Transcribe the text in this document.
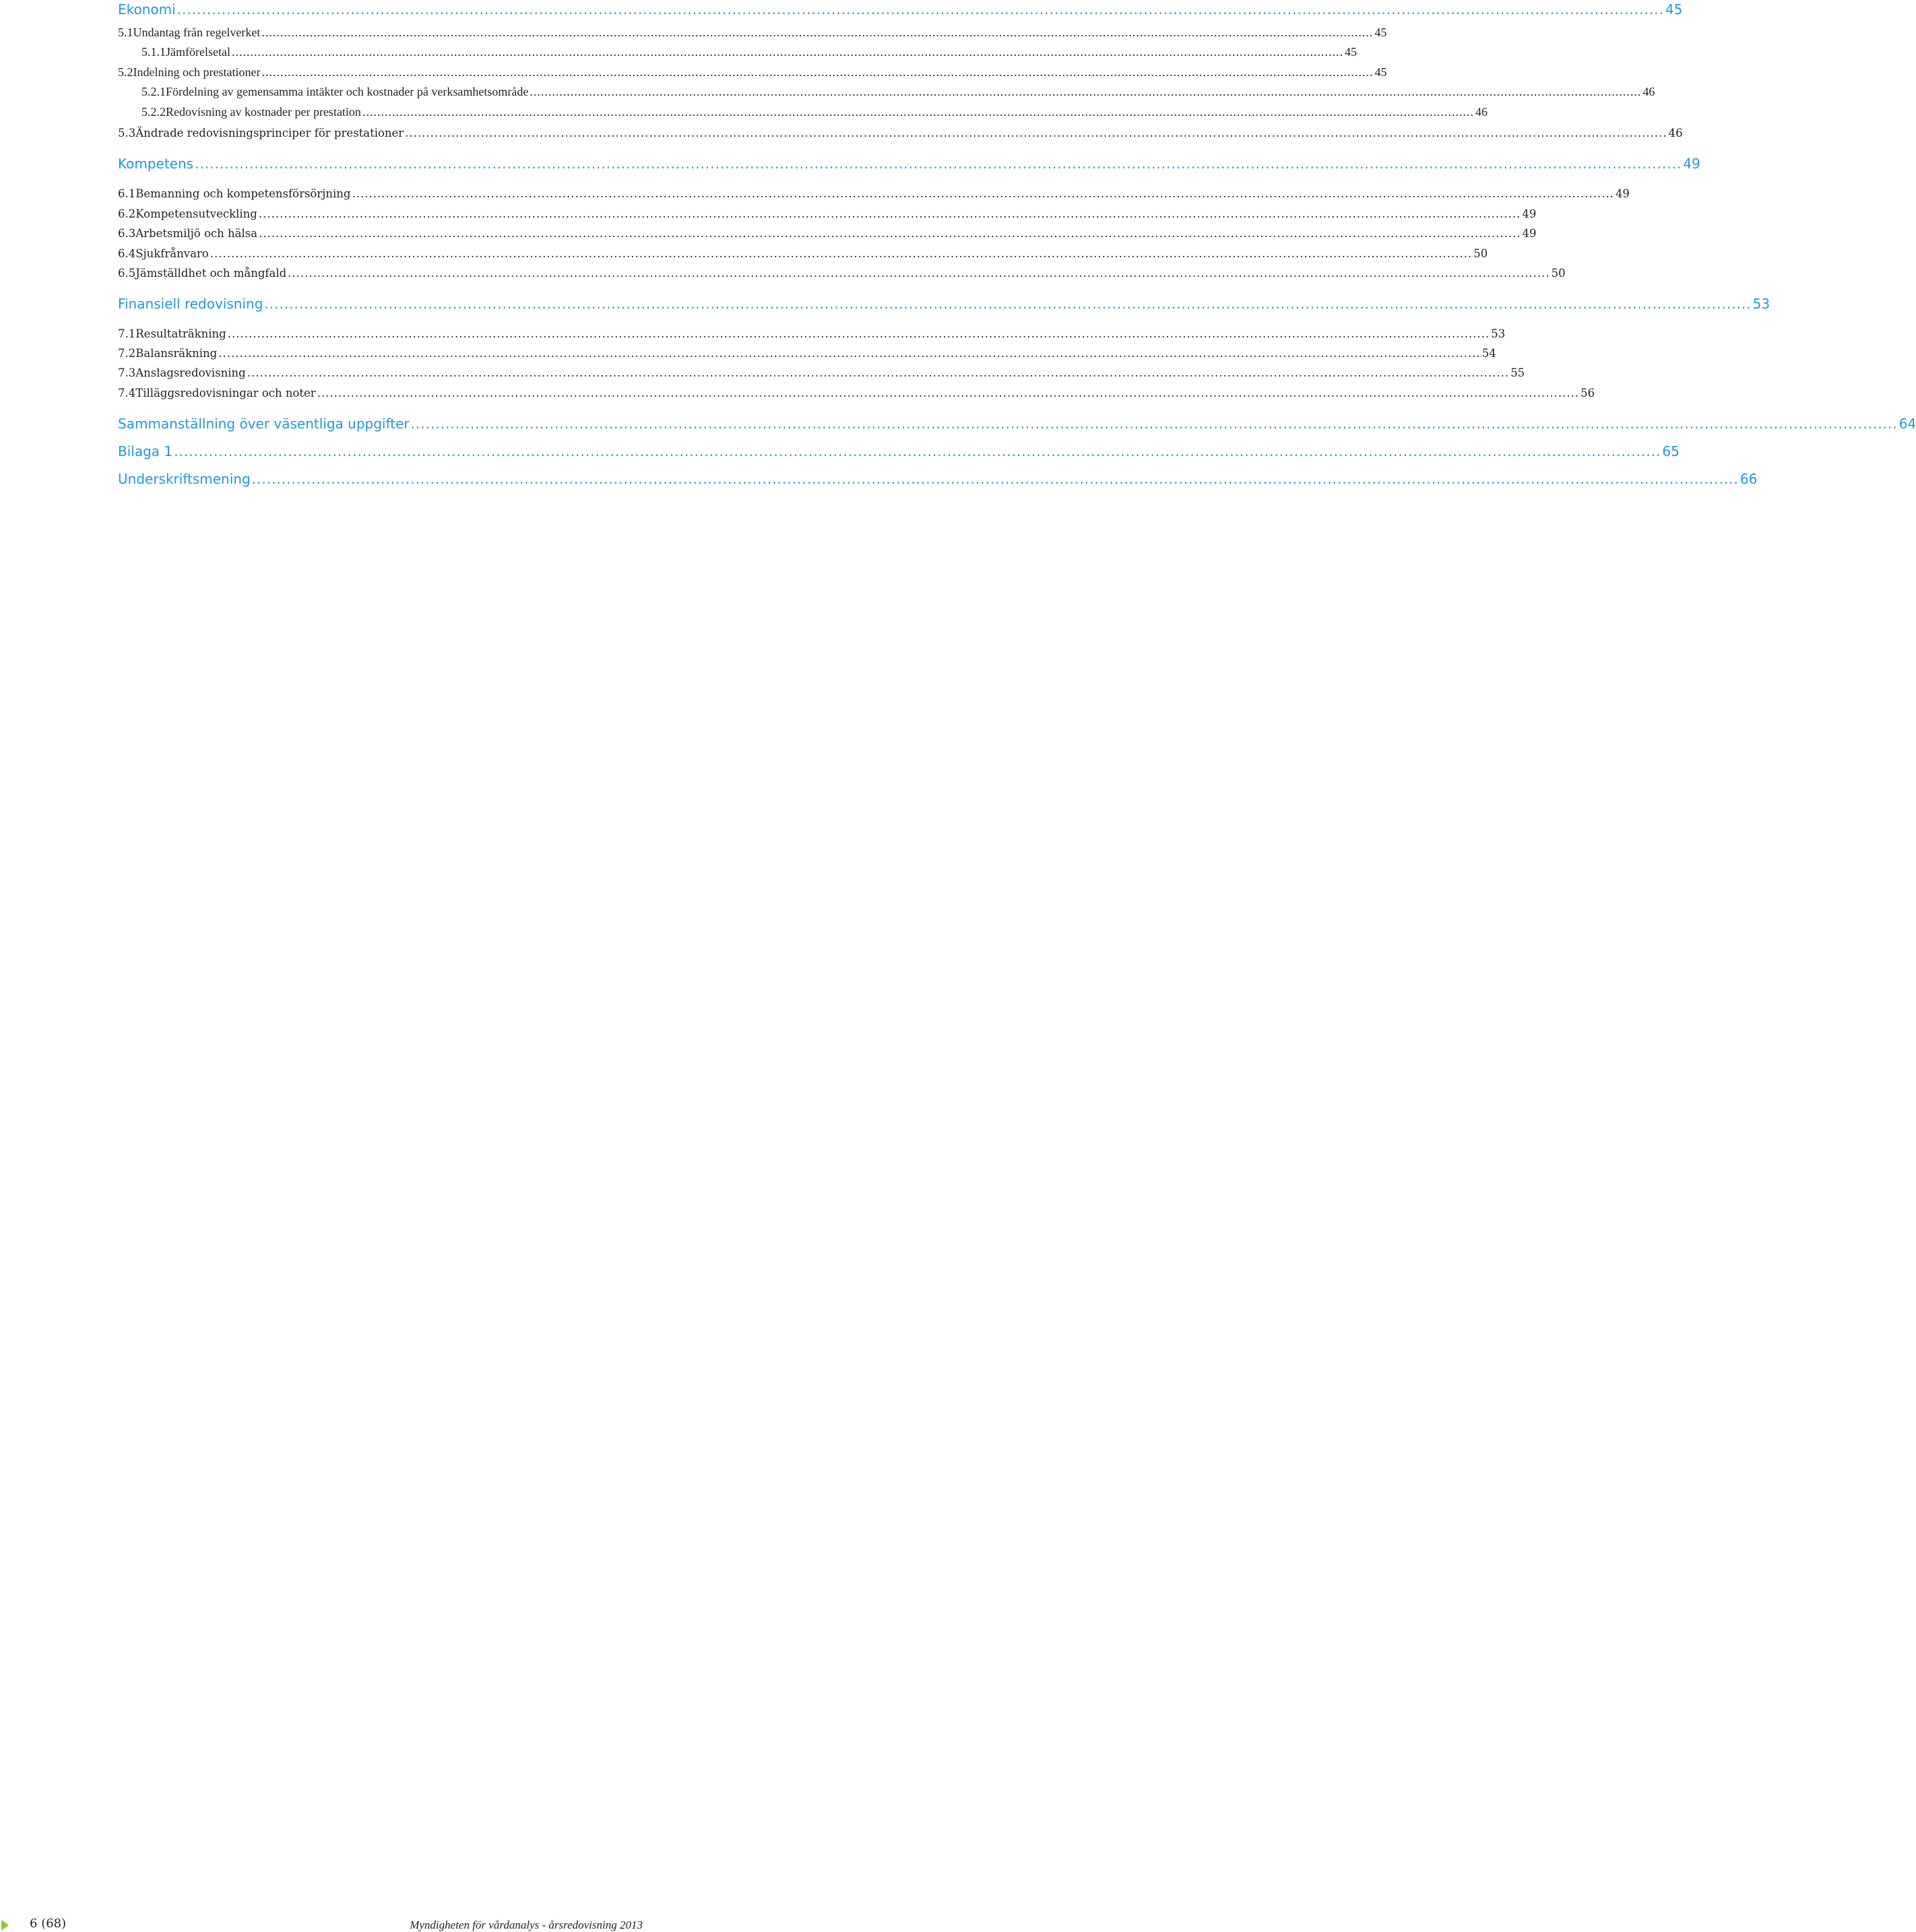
Ekonomi ............................................................................................................................................................................................................................................................................................................ 45
5.1 Undantag från regelverket ............................................................................................................................................................................................................................................................................................................ 45
5.1.1 Jämförelsetal ............................................................................................................................................................................................................................................................................................................ 45
5.2 Indelning och prestationer ............................................................................................................................................................................................................................................................................................................ 45
5.2.1 Fördelning av gemensamma intäkter och kostnader på verksamhetsområde ............................................................................................................................................................................................................................................................................................................ 46
5.2.2 Redovisning av kostnader per prestation ............................................................................................................................................................................................................................................................................................................ 46
5.3 Ändrade redovisningsprinciper för prestationer ............................................................................................................................................................................................................................................................................................................ 46
Kompetens ............................................................................................................................................................................................................................................................................................................ 49
6.1 Bemanning och kompetensförsörjning ............................................................................................................................................................................................................................................................................................................ 49
6.2 Kompetensutveckling ............................................................................................................................................................................................................................................................................................................ 49
6.3 Arbetsmiljö och hälsa ............................................................................................................................................................................................................................................................................................................ 49
6.4 Sjukfrånvaro ............................................................................................................................................................................................................................................................................................................ 50
6.5 Jämställdhet och mångfald ............................................................................................................................................................................................................................................................................................................ 50
Finansiell redovisning ............................................................................................................................................................................................................................................................................................................ 53
7.1 Resultaträkning ............................................................................................................................................................................................................................................................................................................ 53
7.2 Balansräkning ............................................................................................................................................................................................................................................................................................................ 54
7.3 Anslagsredovisning ............................................................................................................................................................................................................................................................................................................ 55
7.4 Tilläggsredovisningar och noter ............................................................................................................................................................................................................................................................................................................ 56
Sammanställning över väsentliga uppgifter ............................................................................................................................................................................................................................................................................................................ 64
Bilaga 1 ............................................................................................................................................................................................................................................................................................................ 65
Underskriftsmening ............................................................................................................................................................................................................................................................................................................ 66
6 (68)	Myndigheten för vårdanalys - årsredovisning 2013
